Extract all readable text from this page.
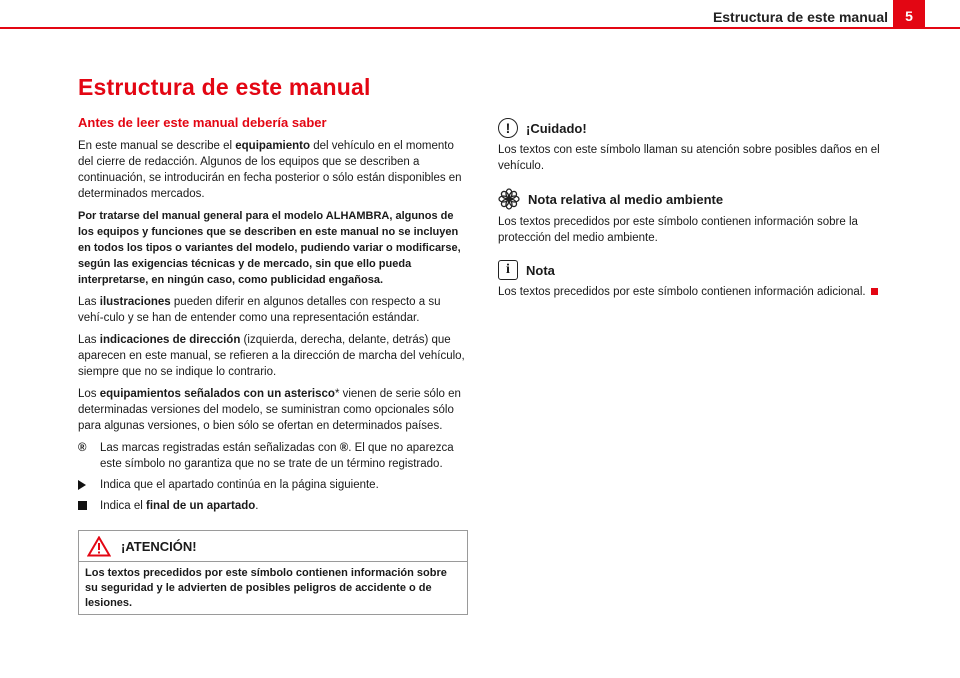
Estructura de este manual	5
Estructura de este manual
Antes de leer este manual debería saber

En este manual se describe el equipamiento del vehículo en el momento del cierre de redacción. Algunos de los equipos que se describen a continuación, se introducirán en fecha posterior o sólo están disponibles en determinados mercados.

Por tratarse del manual general para el modelo ALHAMBRA, algunos de los equipos y funciones que se describen en este manual no se incluyen en todos los tipos o variantes del modelo, pudiendo variar o modificarse, según las exigencias técnicas y de mercado, sin que ello pueda interpretarse, en ningún caso, como publicidad engañosa.

Las ilustraciones pueden diferir en algunos detalles con respecto a su vehí-culo y se han de entender como una representación estándar.

Las indicaciones de dirección (izquierda, derecha, delante, detrás) que aparecen en este manual, se refieren a la dirección de marcha del vehículo, siempre que no se indique lo contrario.

Los equipamientos señalados con un asterisco* vienen de serie sólo en determinadas versiones del modelo, se suministran como opcionales sólo para algunas versiones, o bien sólo se ofertan en determinados países.

®	Las marcas registradas están señalizadas con ®. El que no aparezca este símbolo no garantiza que no se trate de un término registrado.
Indica que el apartado continúa en la página siguiente.
Indica el final de un apartado.
¡ATENCIÓN!
Los textos precedidos por este símbolo contienen información sobre su seguridad y le advierten de posibles peligros de accidente o de lesiones.
!	¡Cuidado!

Los textos con este símbolo llaman su atención sobre posibles daños en el vehículo.

Nota relativa al medio ambiente

Los textos precedidos por este símbolo contienen información sobre la protección del medio ambiente.

i	Nota

Los textos precedidos por este símbolo contienen información adicional.
